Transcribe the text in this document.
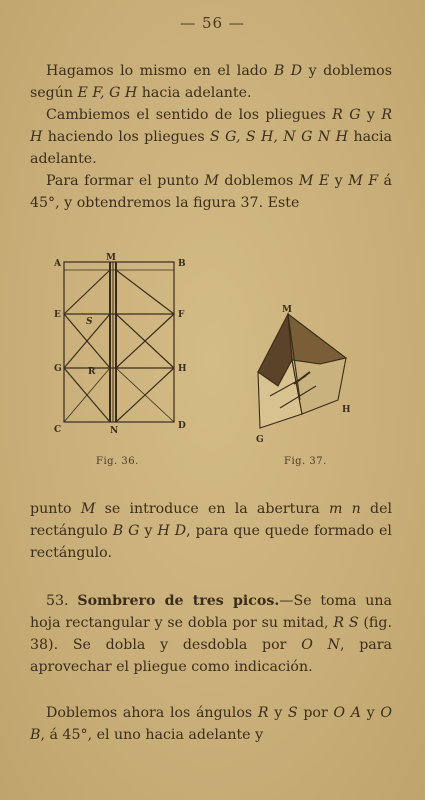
— 56 —
Hagamos lo mismo en el lado B D y doblemos según E F, G H hacia adelante.
Cambiemos el sentido de los pliegues R G y R H haciendo los pliegues S G, S H, N G N H hacia adelante.
Para formar el punto M doblemos M E y M F á 45°, y obtendremos la figura 37. Este
A
M
B
E
S
F
G	R	H
C	N	D
Fig. 36.
M
H
G
Fig. 37.
punto M se introduce en la abertura m n del rectángulo B G y H D, para que quede formado el rectángulo.
53. Sombrero de tres picos.—Se toma una hoja rectangular y se dobla por su mitad, R S (fig. 38). Se dobla y desdobla por O N, para aprovechar el pliegue como indicación.
Doblemos ahora los ángulos R y S por O A y O B, á 45°, el uno hacia adelante y
